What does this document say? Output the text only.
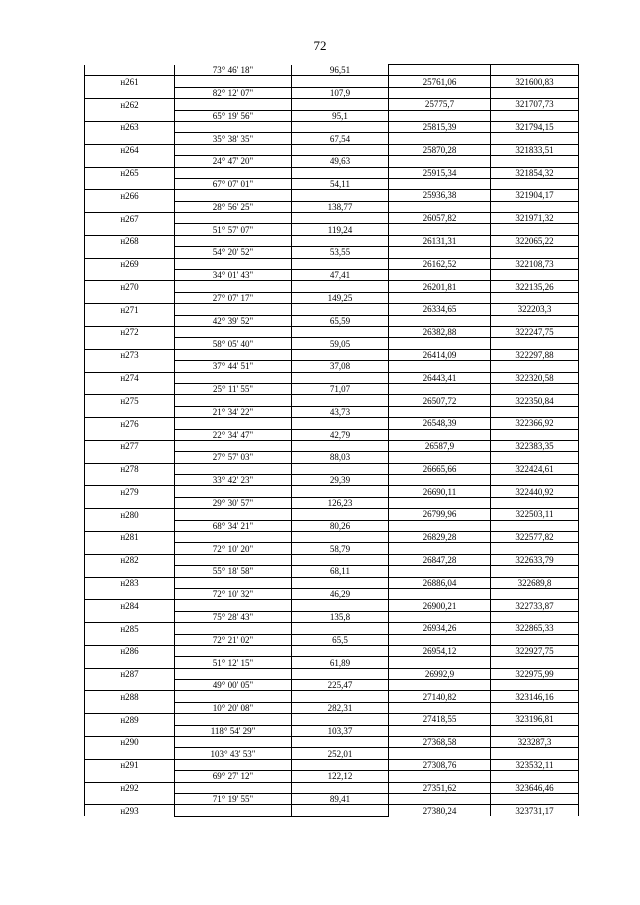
72
	73° 46' 18"	96,51		
н261			25761,06	321600,83
	82° 12' 07"	107,9		
н262			25775,7	321707,73
	65° 19' 56"	95,1		
н263			25815,39	321794,15
	35° 38' 35"	67,54		
н264			25870,28	321833,51
	24° 47' 20"	49,63		
н265			25915,34	321854,32
	67° 07' 01"	54,11		
н266			25936,38	321904,17
	28° 56' 25"	138,77		
н267			26057,82	321971,32
	51° 57' 07"	119,24		
н268			26131,31	322065,22
	54° 20' 52"	53,55		
н269			26162,52	322108,73
	34° 01' 43"	47,41		
н270			26201,81	322135,26
	27° 07' 17"	149,25		
н271			26334,65	322203,3
	42° 39' 52"	65,59		
н272			26382,88	322247,75
	58° 05' 40"	59,05		
н273			26414,09	322297,88
	37° 44' 51"	37,08		
н274			26443,41	322320,58
	25° 11' 55"	71,07		
н275			26507,72	322350,84
	21° 34' 22"	43,73		
н276			26548,39	322366,92
	22° 34' 47"	42,79		
н277			26587,9	322383,35
	27° 57' 03"	88,03		
н278			26665,66	322424,61
	33° 42' 23"	29,39		
н279			26690,11	322440,92
	29° 30' 57"	126,23		
н280			26799,96	322503,11
	68° 34' 21"	80,26		
н281			26829,28	322577,82
	72° 10' 20"	58,79		
н282			26847,28	322633,79
	55° 18' 58"	68,11		
н283			26886,04	322689,8
	72° 10' 32"	46,29		
н284			26900,21	322733,87
	75° 28' 43"	135,8		
н285			26934,26	322865,33
	72° 21' 02"	65,5		
н286			26954,12	322927,75
	51° 12' 15"	61,89		
н287			26992,9	322975,99
	49° 00' 05"	225,47		
н288			27140,82	323146,16
	10° 20' 08"	282,31		
н289			27418,55	323196,81
	118° 54' 29"	103,37		
н290			27368,58	323287,3
	103° 43' 53"	252,01		
н291			27308,76	323532,11
	69° 27' 12"	122,12		
н292			27351,62	323646,46
	71° 19' 55"	89,41		
н293			27380,24	323731,17
